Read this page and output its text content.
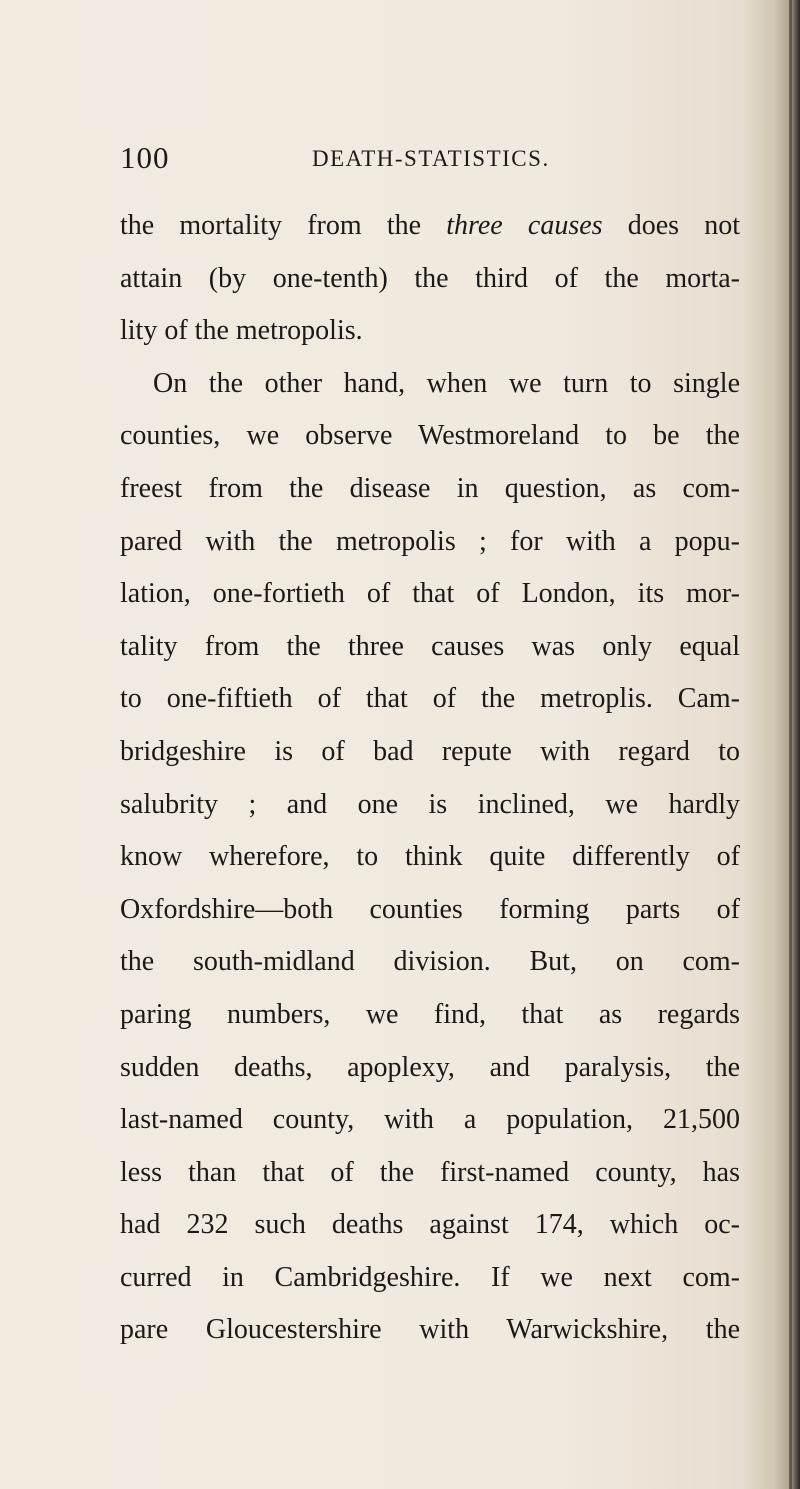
100	DEATH-STATISTICS.
the mortality from the three causes does not
attain (by one-tenth) the third of the morta-
lity of the metropolis.
On the other hand, when we turn to single
counties, we observe Westmoreland to be the
freest from the disease in question, as com-
pared with the metropolis ; for with a popu-
lation, one-fortieth of that of London, its mor-
tality from the three causes was only equal
to one-fiftieth of that of the metroplis. Cam-
bridgeshire is of bad repute with regard to
salubrity ; and one is inclined, we hardly
know wherefore, to think quite differently of
Oxfordshire—both counties forming parts of
the south-midland division. But, on com-
paring numbers, we find, that as regards
sudden deaths, apoplexy, and paralysis, the
last-named county, with a population, 21,500
less than that of the first-named county, has
had 232 such deaths against 174, which oc-
curred in Cambridgeshire. If we next com-
pare Gloucestershire with Warwickshire, the
